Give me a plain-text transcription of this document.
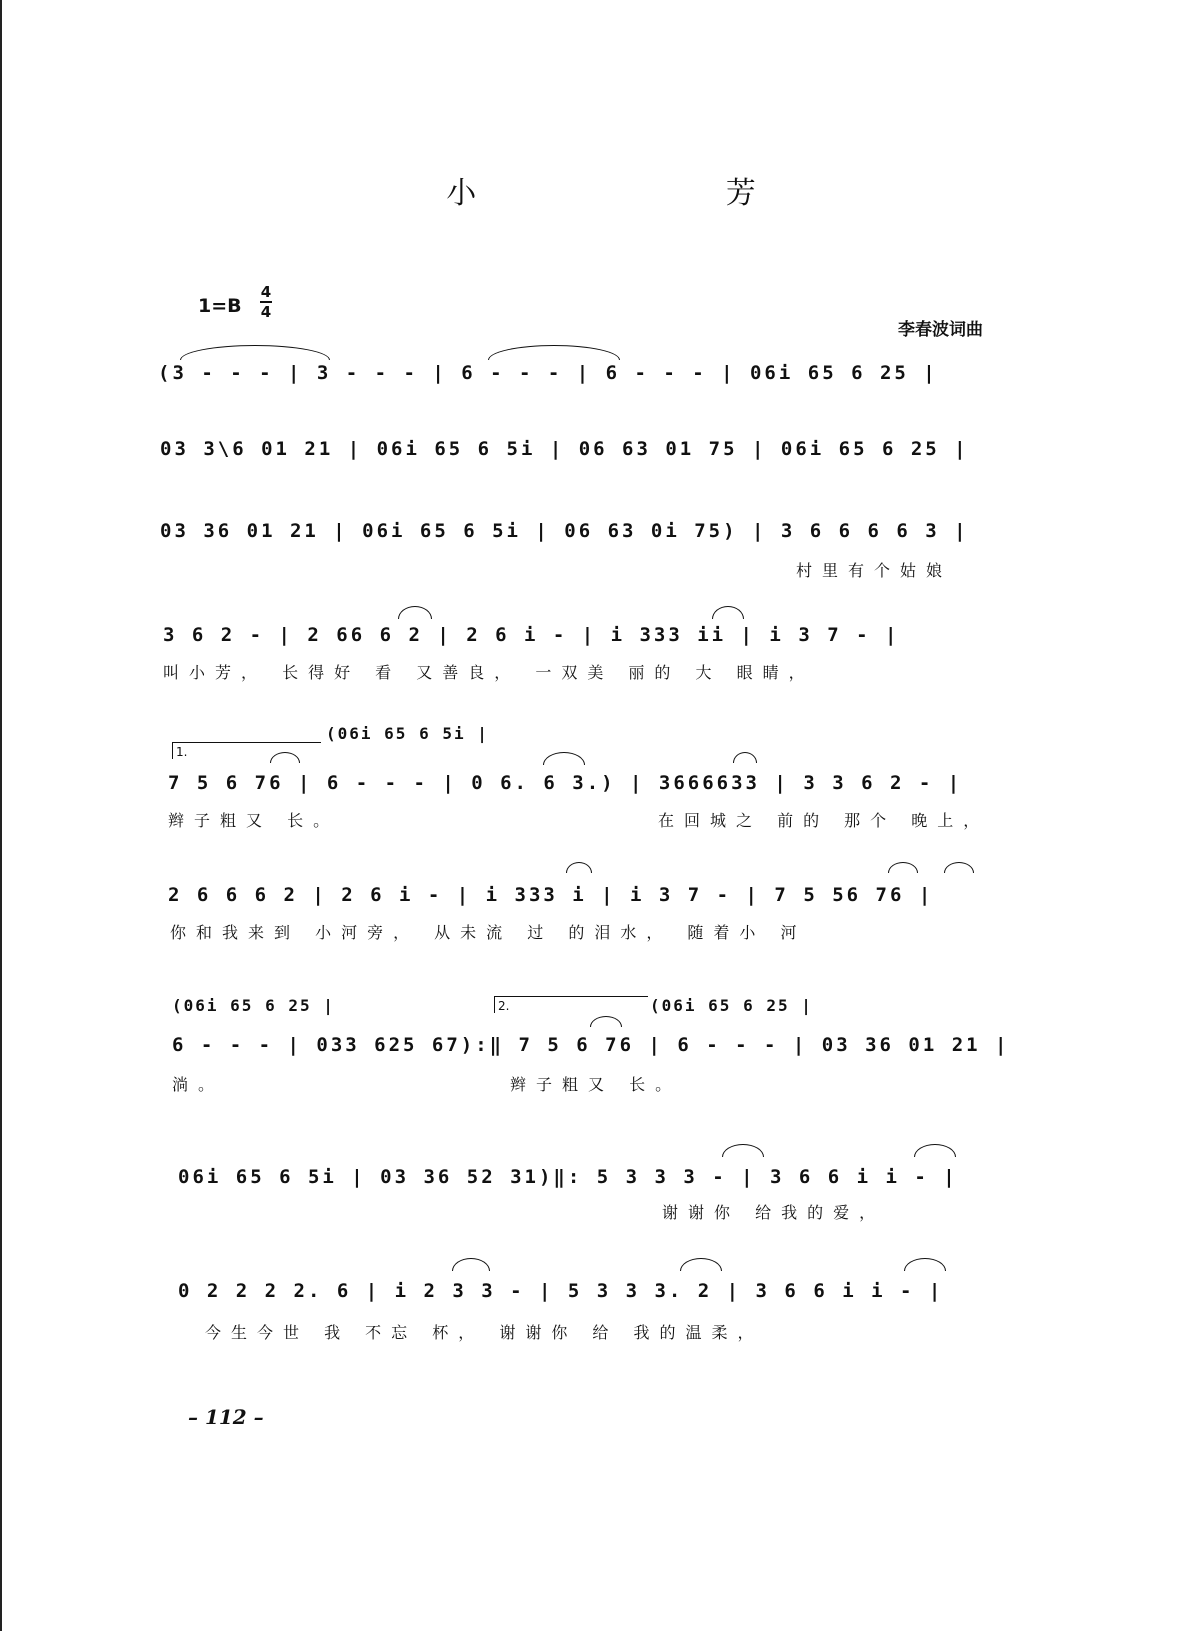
小 芳
1=B
4
4
李春波词曲
(3 - - - | 3 - - - | 6 - - - | 6 - - - | 06i 65 6 25 |
03 3\6 01 21 | 06i 65 6 5i | 06 63 01 75 | 06i 65 6 25 |
03 36 01 21 | 06i 65 6 5i | 06 63 0i 75) | 3 6 6 6 6 3 |
村里有个姑娘
3 6 2 - | 2 66 6 2 | 2 6 i - | i 333 ii | i 3 7 - |
叫小芳， 长得好 看 又善良， 一双美 丽的 大 眼睛，
(06i 65 6 5i |
1.
7 5 6 76 | 6 - - - | 0 6. 6 3.) | 3666633 | 3 3 6 2 - |
辫子粗又 长。	在回城之 前的 那个 晚上，
2 6 6 6 2 | 2 6 i - | i 333 i | i 3 7 - | 7 5 56 76 |
你和我来到 小河旁， 从未流 过 的泪水， 随着小 河
(06i 65 6 25 |	2.	(06i 65 6 25 |
6 - - - | 033 625 67):‖ 7 5 6 76 | 6 - - - | 03 36 01 21 |
淌。	辫子粗又 长。
06i 65 6 5i | 03 36 52 31)‖: 5 3 3 3 - | 3 6 6 i i - |
谢谢你 给我的爱，
0 2 2 2 2. 6 | i 2 3 3 - | 5 3 3 3. 2 | 3 6 6 i i - |
今生今世 我 不忘 杯， 谢谢你 给 我的温柔，
– 112 –
